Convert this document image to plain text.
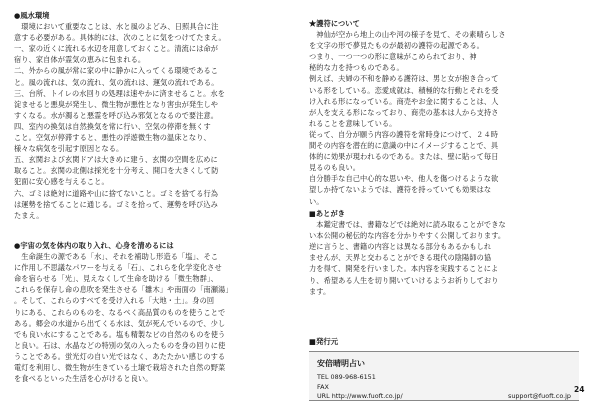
●風水環境

　環境において重要なことは、水と風のよどみ、日照具合に注

意する必要がある。具体的には、次のことに気をつけてたまえ。

一、家の近くに流れる水辺を用意しておくこと。清流には命が

宿り、家自体が霊気の恵みに包まれる。

二、外からの風が常に家の中に静かに入ってくる環境であるこ

と。風の流れは、気の流れ、気の流れは、運気の流れである。

三、台所、トイレの水回りの処理は速やかに済ませること。水を

淀ませると悪臭が発生し、微生物が悪性となり害虫が発生しや

すくなる。水が濁ると悪霊を呼び込み邪気となるので要注意。

四、室内の換気は自然換気を常に行い、空気の停滞を無くす

こと。空気が停滞すると、悪性の浮遊微生物の温床となり、

様々な病気を引起す原因となる。

五、玄関および玄関ドアは大きめに建う、玄関の空間を広めに

取ること。玄関の北側は採光を十分考え、開口を大きくして防

犯面に安心感を与えること。

六、ゴミは絶対に道路や山に捨てないこと。ゴミを捨てる行為

は運勢を捨てることに通じる。ゴミを拾って、運勢を呼び込み

たまえ。

●宇宙の気を体内の取り入れ、心身を清めるには

　生命誕生の源である「水」、それを補助し形造る「塩」、そこ

に作用し不思議なパワーを与える「石」、これらを化学変化させ

命を宿らせる「光」、見えなくして生命を助ける「微生物群」、

これらを保存し命の息吹を発生させる「雛木」や南面の「南瀬湯」

。そして、これらのすべてを受け入れる「大地・土」。身の回

りにある、これらのものを、なるべく高品質のものを使うことで

ある。郷会の水道から出てくる水は、気が死んでいるので、少し

でも良い水にすることである。塩も精製なビの自然のものを使う

と良い。石は、水晶などの特別の気の入ったものを身の回りに使

うことである。蛍光灯の自い光ではなく、あたたかい感じのする

電灯を利用し、微生物が生きている土壌で栽培された自然の野菜

を食べるといった生活を心がけると良い。

★護符について

　神仙が空から地上の山や河の様子を見て、その素晴らしさ

を文字の形で夢見たものが最初の護符の起源である。

つまり、一つ一つの形に意味がこめられており、神

秘的な力を持つものである。

例えば、夫婦の不和を静める護符は、男と女が抱き合って

いる形をしている。恋愛成就は、積極的な行動とそれを受

け入れる形になっている。商売やお金に関することは、人

が人を支える形になっており、商売の基本は人から支持さ

れることを意味している。

従って、自分が願う内容の護符を常時身につけて、２４時

間その内容を潜在的に意識の中にイメージすることで、具

体的に効果が現われるのである。または、壁に貼って毎日

見るのも良い。

自分勝手な自己中心的な思いや、他人を傷つけるような欲

望しか持てないようでは、護符を持っていても効果はな

い。

■あとがき

　本鑑定書では、書籍などでは絶対に読み取ることができな

い本公開の秘伝的な内容を分かりやすく公開しております。

逆に言うと、書籍の内容とは異なる部分もあるかもしれ

ませんが、天界と交わることができる現代の陰陽師の協

力を得て、開発を行いました。本内容を実践することによ

り、希望ある人生を切り開いていけるようお祈りしており

ます。

■発行元
安倍晴明占い
TEL 089-968-6151
FAX
URL http://www.fuoft.co.jp/	support@fuoft.co.jp
24
